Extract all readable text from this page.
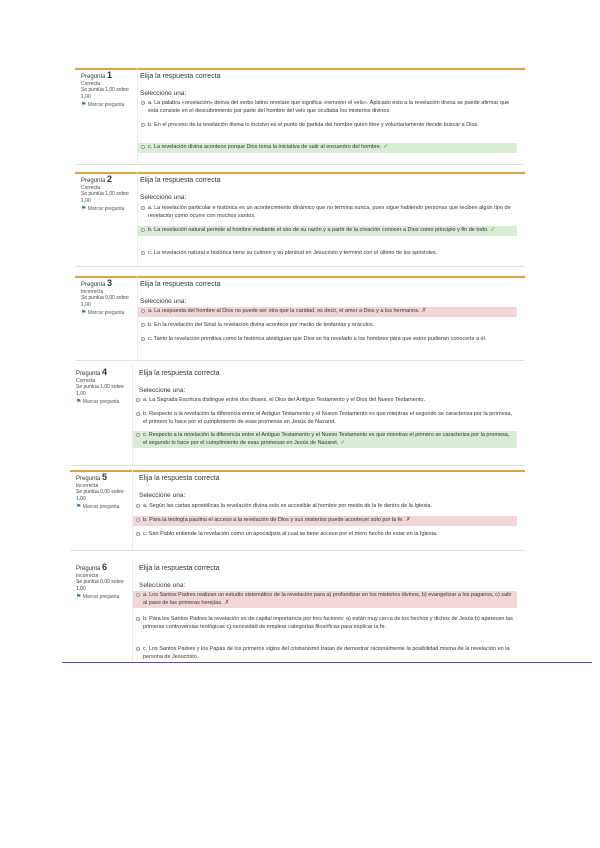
Pregunta 1
Correcta
Se puntúa 1,00 sobre 1,00
⚑ Marcar pregunta
Elija la respuesta correcta
Seleccione una:
a. La palabra «revelación» deriva del verbo latino revelare que significa «remover el velo». Aplicado esto a la revelación divina se puede afirmar que esta consiste en el descubrimiento por parte del hombre del velo que ocultaba los misterios divinos.
b. En el proceso de la revelación divina lo incisivo es el punto de partida del hombre quien libre y voluntariamente decide buscar a Dios.
c. La revelación divina acontece porque Dios toma la iniciativa de salir al encuentro del hombre. ✓
Pregunta 2
Correcta
Se puntúa 1,00 sobre 1,00
⚑ Marcar pregunta
Elija la respuesta correcta
Seleccione una:
a. La revelación particular e histórica es un acontecimiento dinámico que no termina nunca, pues sigue habiendo personas que reciben algún tipo de revelación como ocurre con muchos santos.
b. La revelación natural permite al hombre mediante el uso de su razón y a partir de la creación conocer a Dios como principio y fin de todo. ✓
c. La revelación natural e histórica tiene su culmen y su plenitud en Jesucristo y terminó con el último de los apóstoles.
Pregunta 3
Incorrecta
Se puntúa 0,00 sobre 1,00
⚑ Marcar pregunta
Elija la respuesta correcta
Seleccione una:
a. La respuesta del hombre al Dios no puede ser otra que la caridad, es decir, el amor a Dios y a los hermanos. ✗
b. En la revelación del Sinaí la revelación divina acontece por medio de teofanías y oráculos.
c. Tanto la revelación primitiva como la histórica atestiguan que Dios se ha revelado a los hombres para que estos pudieran conocerle a él.
Pregunta 4
Correcta
Se puntúa 1,00 sobre 1,00
⚑ Marcar pregunta
Elija la respuesta correcta
Seleccione una:
a. La Sagrada Escritura distingue entre dos dioses, el Dios del Antiguo Testamento y el Dios del Nuevo Testamento.
b. Respecto a la revelación la diferencia entre el Antiguo Testamento y el Nuevo Testamento es que mientras el segundo se caracteriza por la promesa, el primero lo hace por el cumplimiento de esas promesas en Jesús de Nazaret.
c. Respecto a la revelación la diferencia entre el Antiguo Testamento y el Nuevo Testamento es que mientras el primero se caracteriza por la promesa, el segundo lo hace por el cumplimiento de esas promesas en Jesús de Nazaret. ✓
Pregunta 5
Incorrecta
Se puntúa 0,00 sobre 1,00
⚑ Marcar pregunta
Elija la respuesta correcta
Seleccione una:
a. Según las cartas apostólicas la revelación divina solo es accesible al hombre por medio de la fe dentro de la Iglesia.
b. Para la teología paulina el acceso a la revelación de Dios y sus misterios puede acontecer solo por la fe. ✗
c. San Pablo entiende la revelación como un apocalipsis al cual se tiene acceso por el mero hecho de estar en la Iglesia.
Pregunta 6
Incorrecta
Se puntúa 0,00 sobre 1,00
⚑ Marcar pregunta
Elija la respuesta correcta
Seleccione una:
a. Los Santos Padres realizan un estudio sistemático de la revelación para a) profundizar en los misterios divinos, b) evangelizar a los paganos, c) salir al paso de las primeras herejías. ✗
b. Para los Santos Padres la revelación es de capital importancia por tres factores: a) están muy cerca de los hechos y dichos de Jesús b) aparecen las primeras controversias teológicas c) necesidad de emplear categorías filosóficas para explicar la fe.
c. Los Santos Padres y los Papas de los primeros siglos del cristianismo tratan de demostrar racionalmente la posibilidad misma de la revelación en la persona de Jesucristo.
